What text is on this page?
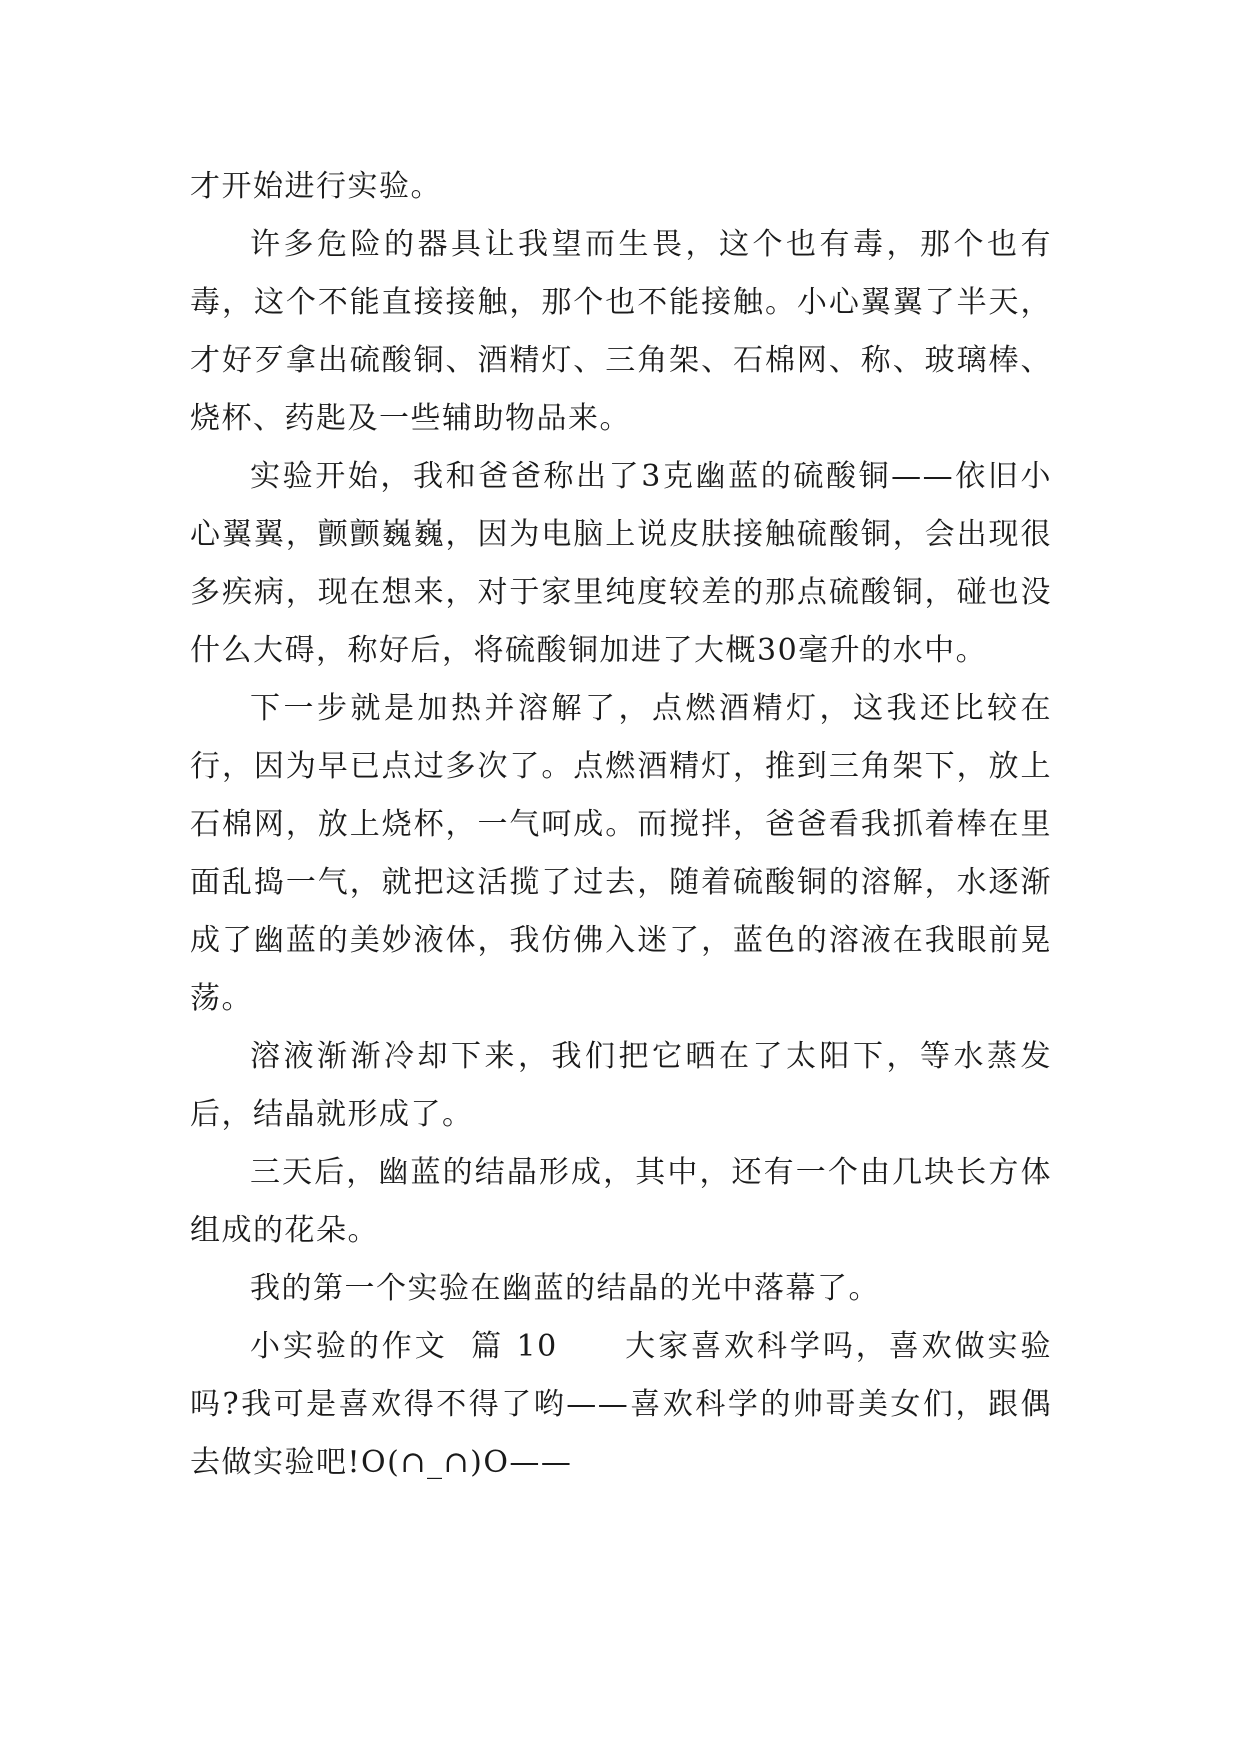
才开始进行实验。

许多危险的器具让我望而生畏，这个也有毒，那个也有毒，这个不能直接接触，那个也不能接触。小心翼翼了半天，才好歹拿出硫酸铜、酒精灯、三角架、石棉网、称、玻璃棒、烧杯、药匙及一些辅助物品来。

实验开始，我和爸爸称出了3克幽蓝的硫酸铜——依旧小心翼翼，颤颤巍巍，因为电脑上说皮肤接触硫酸铜，会出现很多疾病，现在想来，对于家里纯度较差的那点硫酸铜，碰也没什么大碍，称好后，将硫酸铜加进了大概30毫升的水中。

下一步就是加热并溶解了，点燃酒精灯，这我还比较在行，因为早已点过多次了。点燃酒精灯，推到三角架下，放上石棉网，放上烧杯，一气呵成。而搅拌，爸爸看我抓着棒在里面乱捣一气，就把这活揽了过去，随着硫酸铜的溶解，水逐渐成了幽蓝的美妙液体，我仿佛入迷了，蓝色的溶液在我眼前晃荡。

溶液渐渐冷却下来，我们把它晒在了太阳下，等水蒸发后，结晶就形成了。

三天后，幽蓝的结晶形成，其中，还有一个由几块长方体组成的花朵。

我的第一个实验在幽蓝的结晶的光中落幕了。

小实验的作文 篇 10 大家喜欢科学吗，喜欢做实验吗?我可是喜欢得不得了哟——喜欢科学的帅哥美女们，跟偶去做实验吧!O(∩_∩)O——
